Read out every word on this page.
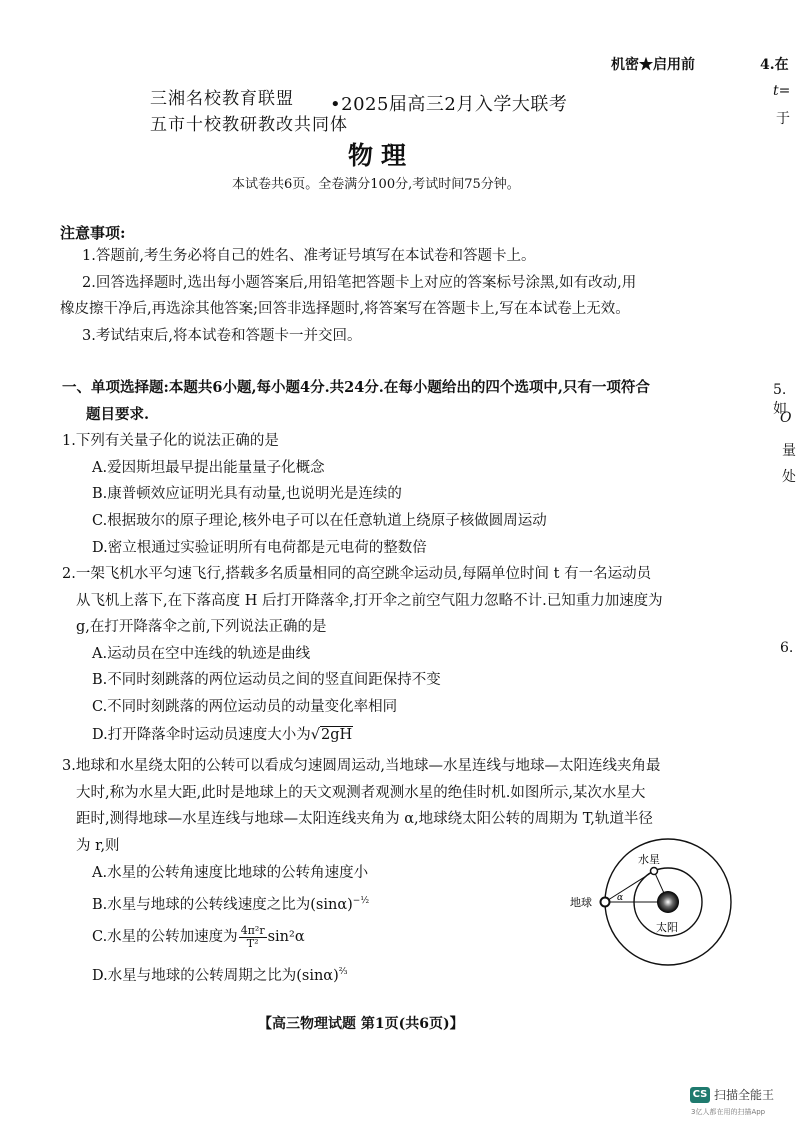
机密★启用前
三湘名校教育联盟
五市十校教研教改共同体
•2025届高三2月入学大联考
物理
本试卷共6页。全卷满分100分,考试时间75分钟。
注意事项:
1.答题前,考生务必将自己的姓名、准考证号填写在本试卷和答题卡上。
2.回答选择题时,选出每小题答案后,用铅笔把答题卡上对应的答案标号涂黑,如有改动,用
橡皮擦干净后,再选涂其他答案;回答非选择题时,将答案写在答题卡上,写在本试卷上无效。
3.考试结束后,将本试卷和答题卡一并交回。
一、单项选择题:本题共6小题,每小题4分.共24分.在每小题给出的四个选项中,只有一项符合
题目要求.
1.下列有关量子化的说法正确的是
A.爱因斯坦最早提出能量量子化概念
B.康普顿效应证明光具有动量,也说明光是连续的
C.根据玻尔的原子理论,核外电子可以在任意轨道上绕原子核做圆周运动
D.密立根通过实验证明所有电荷都是元电荷的整数倍
2.一架飞机水平匀速飞行,搭载多名质量相同的高空跳伞运动员,每隔单位时间 t 有一名运动员
从飞机上落下,在下落高度 H 后打开降落伞,打开伞之前空气阻力忽略不计.已知重力加速度为
g,在打开降落伞之前,下列说法正确的是
A.运动员在空中连线的轨迹是曲线
B.不同时刻跳落的两位运动员之间的竖直间距保持不变
C.不同时刻跳落的两位运动员的动量变化率相同
D.打开降落伞时运动员速度大小为√2gH
3.地球和水星绕太阳的公转可以看成匀速圆周运动,当地球—水星连线与地球—太阳连线夹角最
大时,称为水星大距,此时是地球上的天文观测者观测水星的绝佳时机.如图所示,某次水星大
距时,测得地球—水星连线与地球—太阳连线夹角为 α,地球绕太阳公转的周期为 T,轨道半径
为 r,则
A.水星的公转角速度比地球的公转角速度小
B.水星与地球的公转线速度之比为$(\sin\alpha)^{-\frac{1}{2}}$
C.水星的公转加速度为 $\frac{\text{4π²r}}{\text{T²}} \sin^2\alpha$
D.水星与地球的公转周期之比为$(\sin\alpha)^{\frac{2}{3}}$
水星
地球
太阳
α
【高三物理试题 第1页(共6页)】
4.在
t=
于
5.如
O
量
处
6.
CS 扫描全能王
3亿人都在用的扫描App
